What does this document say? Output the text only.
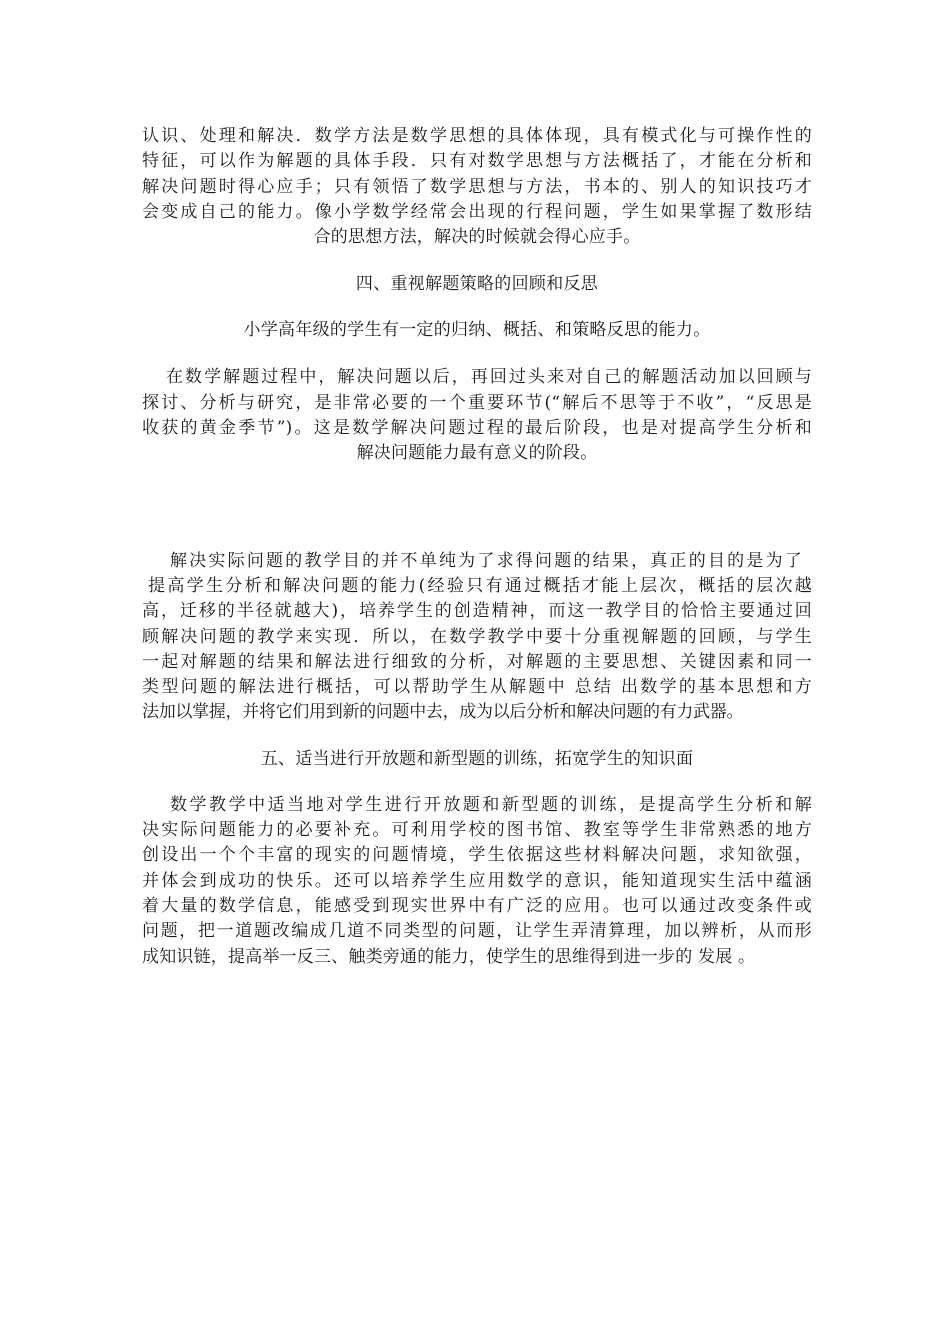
认识、处理和解决．数学方法是数学思想的具体体现，具有模式化与可操作性的
特征，可以作为解题的具体手段．只有对数学思想与方法概括了，才能在分析和
解决问题时得心应手；只有领悟了数学思想与方法，书本的、别人的知识技巧才
会变成自己的能力。像小学数学经常会出现的行程问题，学生如果掌握了数形结
合的思想方法，解决的时候就会得心应手。
四、重视解题策略的回顾和反思
小学高年级的学生有一定的归纳、概括、和策略反思的能力。
在数学解题过程中，解决问题以后，再回过头来对自己的解题活动加以回顾与
探讨、分析与研究，是非常必要的一个重要环节(“解后不思等于不收”，“反思是
收获的黄金季节”)。这是数学解决问题过程的最后阶段，也是对提高学生分析和
解决问题能力最有意义的阶段。
解决实际问题的教学目的并不单纯为了求得问题的结果，真正的目的是为了
提高学生分析和解决问题的能力(经验只有通过概括才能上层次，概括的层次越
高，迁移的半径就越大)，培养学生的创造精神，而这一教学目的恰恰主要通过回
顾解决问题的教学来实现．所以，在数学教学中要十分重视解题的回顾，与学生
一起对解题的结果和解法进行细致的分析，对解题的主要思想、关键因素和同一
类型问题的解法进行概括，可以帮助学生从解题中 总结 出数学的基本思想和方
法加以掌握，并将它们用到新的问题中去，成为以后分析和解决问题的有力武器。
五、适当进行开放题和新型题的训练，拓宽学生的知识面
数学教学中适当地对学生进行开放题和新型题的训练，是提高学生分析和解
决实际问题能力的必要补充。可利用学校的图书馆、教室等学生非常熟悉的地方
创设出一个个丰富的现实的问题情境，学生依据这些材料解决问题，求知欲强，
并体会到成功的快乐。还可以培养学生应用数学的意识，能知道现实生活中蕴涵
着大量的数学信息，能感受到现实世界中有广泛的应用。也可以通过改变条件或
问题，把一道题改编成几道不同类型的问题，让学生弄清算理，加以辨析，从而形
成知识链，提高举一反三、触类旁通的能力，使学生的思维得到进一步的 发展 。
